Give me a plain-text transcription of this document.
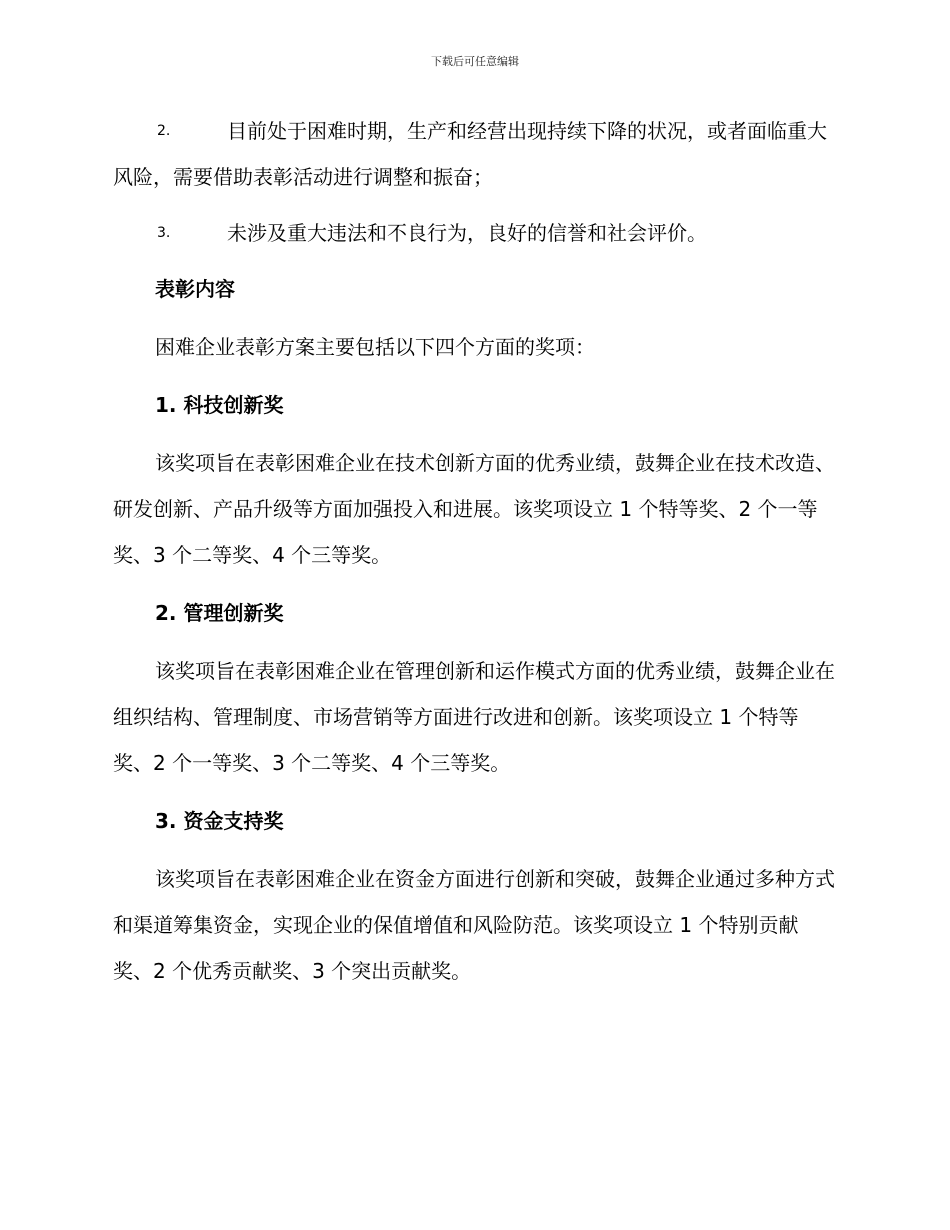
下载后可任意编辑

2.	目前处于困难时期，生产和经营出现持续下降的状况，或者面临重大风险，需要借助表彰活动进行调整和振奋；

3.	未涉及重大违法和不良行为，良好的信誉和社会评价。

表彰内容

困难企业表彰方案主要包括以下四个方面的奖项：

1. 科技创新奖

该奖项旨在表彰困难企业在技术创新方面的优秀业绩，鼓舞企业在技术改造、研发创新、产品升级等方面加强投入和进展。该奖项设立 1 个特等奖、2 个一等奖、3 个二等奖、4 个三等奖。

2. 管理创新奖

该奖项旨在表彰困难企业在管理创新和运作模式方面的优秀业绩，鼓舞企业在组织结构、管理制度、市场营销等方面进行改进和创新。该奖项设立 1 个特等奖、2 个一等奖、3 个二等奖、4 个三等奖。

3. 资金支持奖

该奖项旨在表彰困难企业在资金方面进行创新和突破，鼓舞企业通过多种方式和渠道筹集资金，实现企业的保值增值和风险防范。该奖项设立 1 个特别贡献奖、2 个优秀贡献奖、3 个突出贡献奖。
